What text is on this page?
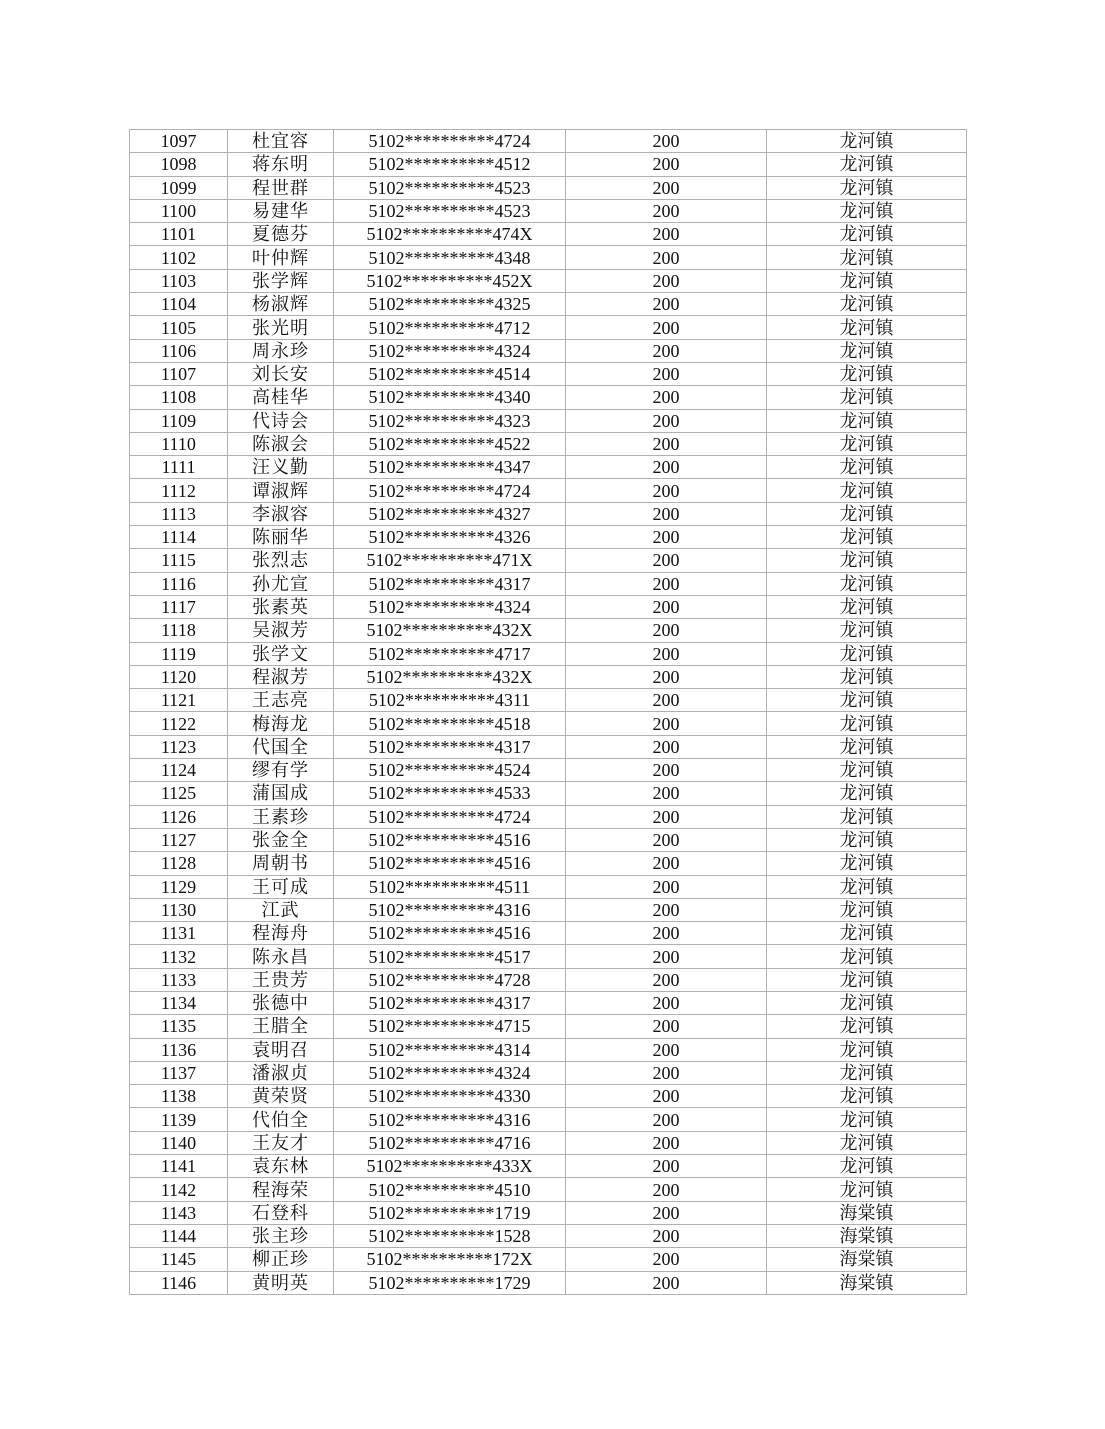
1097	杜宜容	5102**********4724	200	龙河镇
1098	蒋东明	5102**********4512	200	龙河镇
1099	程世群	5102**********4523	200	龙河镇
1100	易建华	5102**********4523	200	龙河镇
1101	夏德芬	5102**********474X	200	龙河镇
1102	叶仲辉	5102**********4348	200	龙河镇
1103	张学辉	5102**********452X	200	龙河镇
1104	杨淑辉	5102**********4325	200	龙河镇
1105	张光明	5102**********4712	200	龙河镇
1106	周永珍	5102**********4324	200	龙河镇
1107	刘长安	5102**********4514	200	龙河镇
1108	高桂华	5102**********4340	200	龙河镇
1109	代诗会	5102**********4323	200	龙河镇
1110	陈淑会	5102**********4522	200	龙河镇
1111	汪义勤	5102**********4347	200	龙河镇
1112	谭淑辉	5102**********4724	200	龙河镇
1113	李淑容	5102**********4327	200	龙河镇
1114	陈丽华	5102**********4326	200	龙河镇
1115	张烈志	5102**********471X	200	龙河镇
1116	孙尤宣	5102**********4317	200	龙河镇
1117	张素英	5102**********4324	200	龙河镇
1118	吴淑芳	5102**********432X	200	龙河镇
1119	张学文	5102**********4717	200	龙河镇
1120	程淑芳	5102**********432X	200	龙河镇
1121	王志亮	5102**********4311	200	龙河镇
1122	梅海龙	5102**********4518	200	龙河镇
1123	代国全	5102**********4317	200	龙河镇
1124	缪有学	5102**********4524	200	龙河镇
1125	蒲国成	5102**********4533	200	龙河镇
1126	王素珍	5102**********4724	200	龙河镇
1127	张金全	5102**********4516	200	龙河镇
1128	周朝书	5102**********4516	200	龙河镇
1129	王可成	5102**********4511	200	龙河镇
1130	江武	5102**********4316	200	龙河镇
1131	程海舟	5102**********4516	200	龙河镇
1132	陈永昌	5102**********4517	200	龙河镇
1133	王贵芳	5102**********4728	200	龙河镇
1134	张德中	5102**********4317	200	龙河镇
1135	王腊全	5102**********4715	200	龙河镇
1136	袁明召	5102**********4314	200	龙河镇
1137	潘淑贞	5102**********4324	200	龙河镇
1138	黄荣贤	5102**********4330	200	龙河镇
1139	代伯全	5102**********4316	200	龙河镇
1140	王友才	5102**********4716	200	龙河镇
1141	袁东林	5102**********433X	200	龙河镇
1142	程海荣	5102**********4510	200	龙河镇
1143	石登科	5102**********1719	200	海棠镇
1144	张主珍	5102**********1528	200	海棠镇
1145	柳正珍	5102**********172X	200	海棠镇
1146	黄明英	5102**********1729	200	海棠镇
